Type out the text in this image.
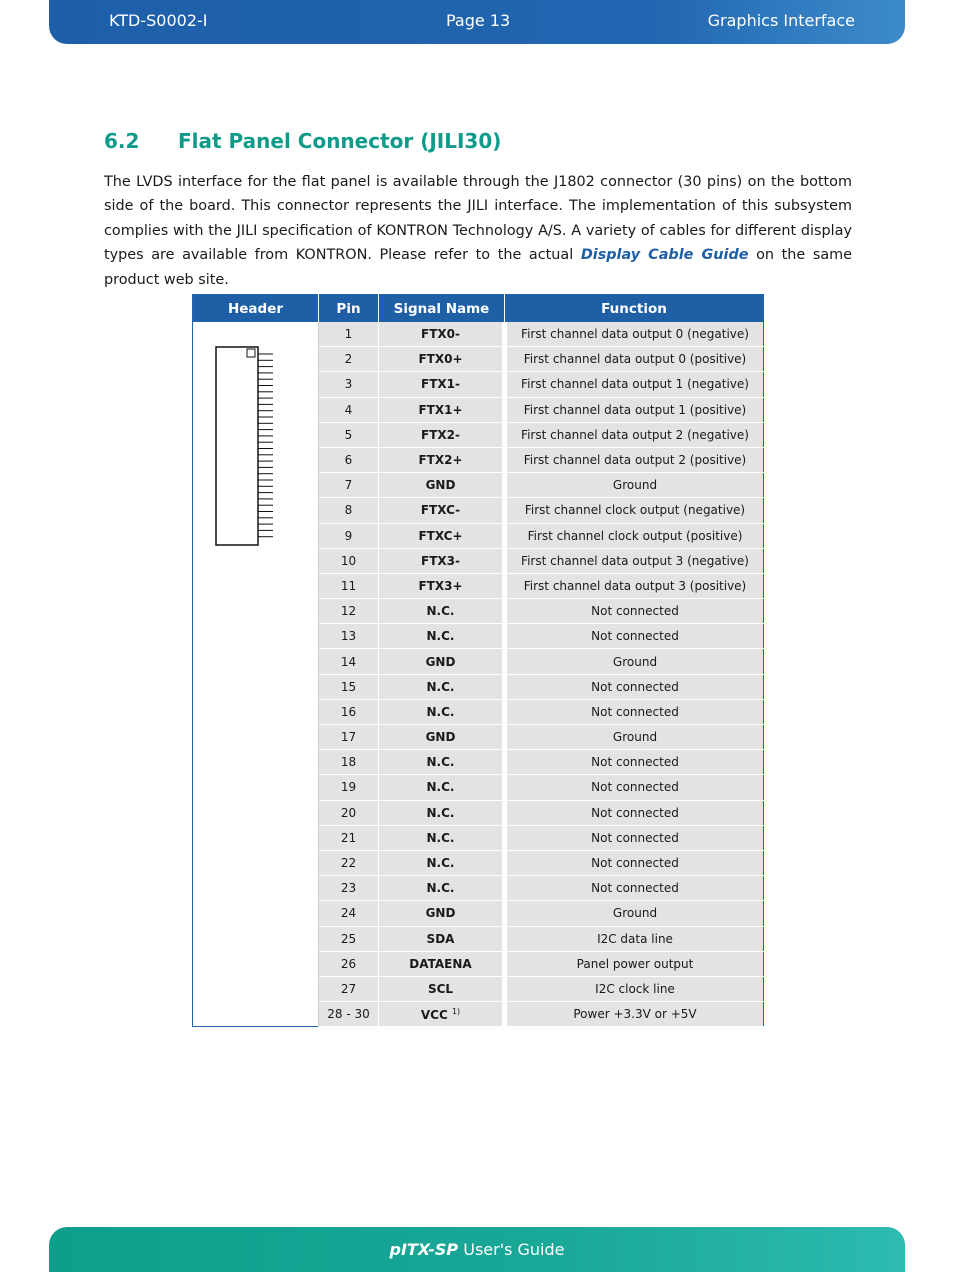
KTD-S0002-I	Page 13	Graphics Interface
6.2 Flat Panel Connector (JILI30)

The LVDS interface for the flat panel is available through the J1802 connector (30 pins) on the bottom side of the board. This connector represents the JILI interface. The implementation of this subsystem complies with the JILI specification of KONTRON Technology A/S. A variety of cables for different display types are available from KONTRON. Please refer to the actual Display Cable Guide on the same product web site.

Header	Pin	Signal Name	Function

	1	FTX0-	First channel data output 0 (negative)
	2	FTX0+	First channel data output 0 (positive)
	3	FTX1-	First channel data output 1 (negative)
	4	FTX1+	First channel data output 1 (positive)
	5	FTX2-	First channel data output 2 (negative)
	6	FTX2+	First channel data output 2 (positive)
	7	GND	Ground
	8	FTXC-	First channel clock output (negative)
	9	FTXC+	First channel clock output (positive)
	10	FTX3-	First channel data output 3 (negative)
	11	FTX3+	First channel data output 3 (positive)
	12	N.C.	Not connected
	13	N.C.	Not connected
	14	GND	Ground
	15	N.C.	Not connected
	16	N.C.	Not connected
	17	GND	Ground
	18	N.C.	Not connected
	19	N.C.	Not connected
	20	N.C.	Not connected
	21	N.C.	Not connected
	22	N.C.	Not connected
	23	N.C.	Not connected
	24	GND	Ground
	25	SDA	I2C data line
	26	DATAENA	Panel power output
	27	SCL	I2C clock line
	28 - 30	VCC $^{1)}$	Power +3.3V or +5V
pITX-SP User's Guide
